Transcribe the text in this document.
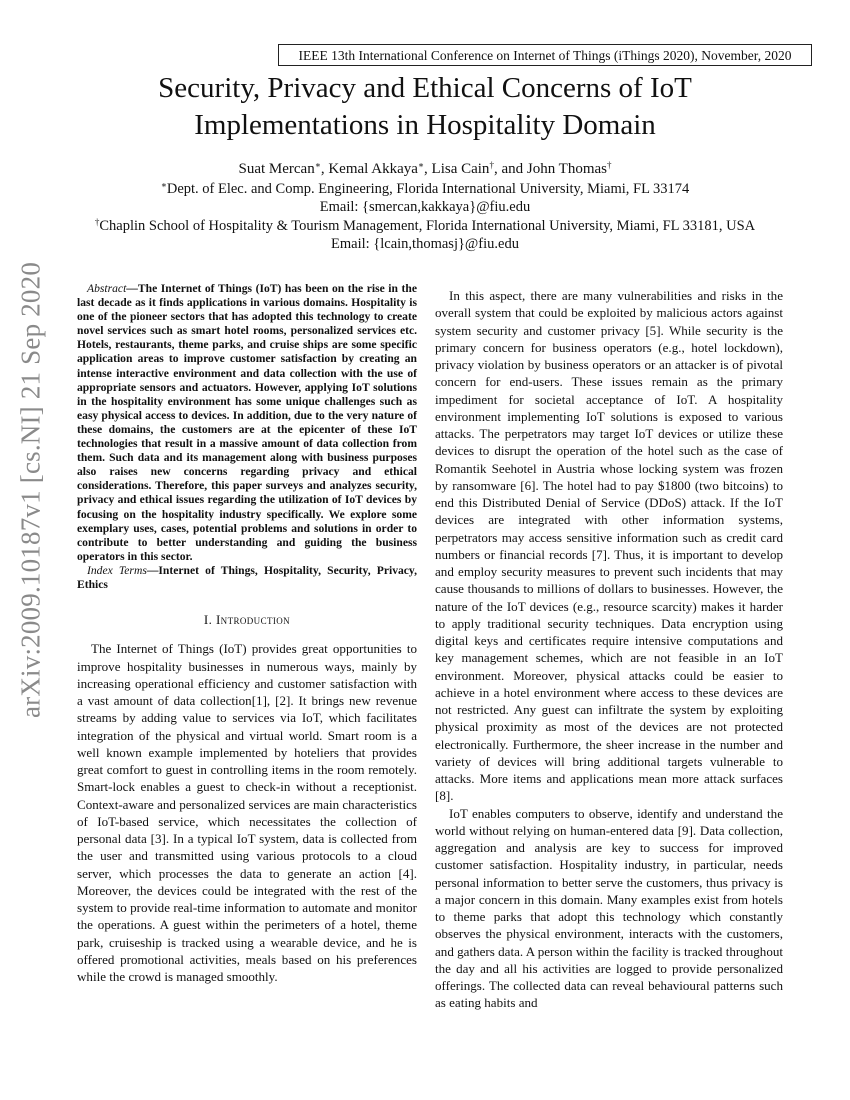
IEEE 13th International Conference on Internet of Things (iThings 2020), November, 2020
arXiv:2009.10187v1 [cs.NI] 21 Sep 2020
Security, Privacy and Ethical Concerns of IoT
Implementations in Hospitality Domain
Suat Mercan∗, Kemal Akkaya∗, Lisa Cain†, and John Thomas†
∗Dept. of Elec. and Comp. Engineering, Florida International University, Miami, FL 33174
Email: {smercan,kakkaya}@fiu.edu
†Chaplin School of Hospitality & Tourism Management, Florida International University, Miami, FL 33181, USA
Email: {lcain,thomasj}@fiu.edu

Abstract—The Internet of Things (IoT) has been on the rise in the last decade as it finds applications in various domains. Hospitality is one of the pioneer sectors that has adopted this technology to create novel services such as smart hotel rooms, personalized services etc. Hotels, restaurants, theme parks, and cruise ships are some specific application areas to improve customer satisfaction by creating an intense interactive environment and data collection with the use of appropriate sensors and actuators. However, applying IoT solutions in the hospitality environment has some unique challenges such as easy physical access to devices. In addition, due to the very nature of these domains, the customers are at the epicenter of these IoT technologies that result in a massive amount of data collection from them. Such data and its management along with business purposes also raises new concerns regarding privacy and ethical considerations. Therefore, this paper surveys and analyzes security, privacy and ethical issues regarding the utilization of IoT devices by focusing on the hospitality industry specifically. We explore some exemplary uses, cases, potential problems and solutions in order to contribute to better understanding and guiding the business operators in this sector.

Index Terms—Internet of Things, Hospitality, Security, Privacy, Ethics

I. Introduction

The Internet of Things (IoT) provides great opportunities to improve hospitality businesses in numerous ways, mainly by increasing operational efficiency and customer satisfaction with a vast amount of data collection[1], [2]. It brings new revenue streams by adding value to services via IoT, which facilitates integration of the physical and virtual world. Smart room is a well known example implemented by hoteliers that provides great comfort to guest in controlling items in the room remotely. Smart-lock enables a guest to check-in without a receptionist. Context-aware and personalized services are main characteristics of IoT-based service, which necessitates the collection of personal data [3]. In a typical IoT system, data is collected from the user and transmitted using various protocols to a cloud server, which processes the data to generate an action [4]. Moreover, the devices could be integrated with the rest of the system to provide real-time information to automate and monitor the operations. A guest within the perimeters of a hotel, theme park, cruiseship is tracked using a wearable device, and he is offered promotional activities, meals based on his preferences while the crowd is managed smoothly.

In this aspect, there are many vulnerabilities and risks in the overall system that could be exploited by malicious actors against system security and customer privacy [5]. While security is the primary concern for business operators (e.g., hotel lockdown), privacy violation by business operators or an attacker is of pivotal concern for end-users. These issues remain as the primary impediment for societal acceptance of IoT. A hospitality environment implementing IoT solutions is exposed to various attacks. The perpetrators may target IoT devices or utilize these devices to disrupt the operation of the hotel such as the case of Romantik Seehotel in Austria whose locking system was frozen by ransomware [6]. The hotel had to pay $1800 (two bitcoins) to end this Distributed Denial of Service (DDoS) attack. If the IoT devices are integrated with other information systems, perpetrators may access sensitive information such as credit card numbers or financial records [7]. Thus, it is important to develop and employ security measures to prevent such incidents that may cause thousands to millions of dollars to businesses. However, the nature of the IoT devices (e.g., resource scarcity) makes it harder to apply traditional security techniques. Data encryption using digital keys and certificates require intensive computations and key management schemes, which are not feasible in an IoT environment. Moreover, physical attacks could be easier to achieve in a hotel environment where access to these devices are not restricted. Any guest can infiltrate the system by exploiting physical proximity as most of the devices are not protected electronically. Furthermore, the sheer increase in the number and variety of devices will bring additional targets vulnerable to attacks. More items and applications mean more attack surfaces [8].

IoT enables computers to observe, identify and understand the world without relying on human-entered data [9]. Data collection, aggregation and analysis are key to success for improved customer satisfaction. Hospitality industry, in particular, needs personal information to better serve the customers, thus privacy is a major concern in this domain. Many examples exist from hotels to theme parks that adopt this technology which constantly observes the physical environment, interacts with the customers, and gathers data. A person within the facility is tracked throughout the day and all his activities are logged to provide personalized offerings. The collected data can reveal behavioural patterns such as eating habits and
